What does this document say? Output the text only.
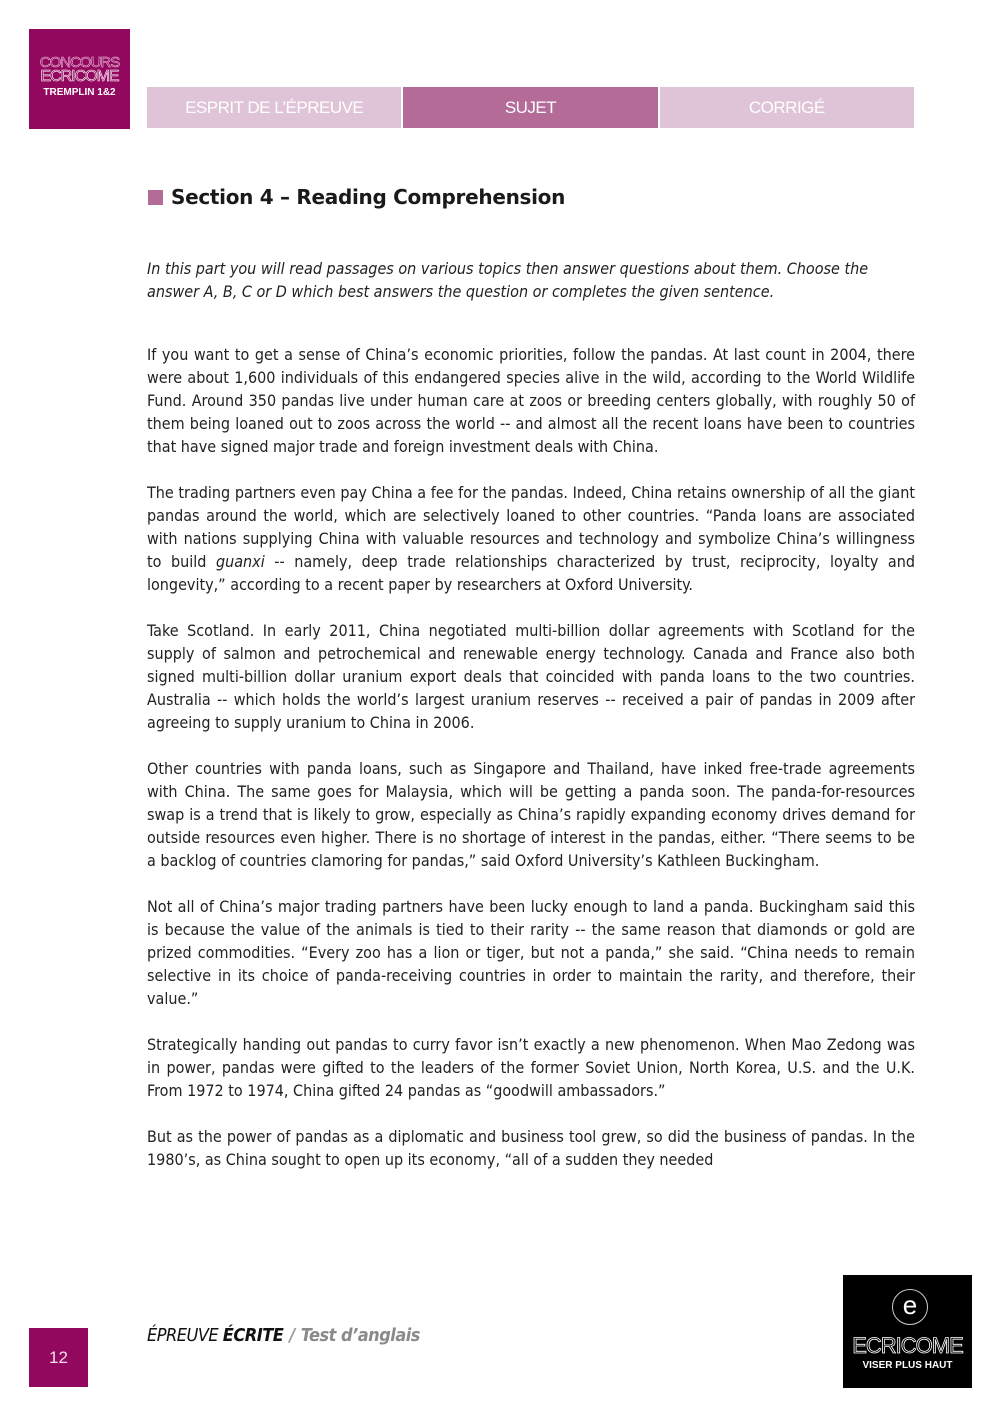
CONCOURS
ECRICOME
TREMPLIN 1&2
ESPRIT DE L’ÉPREUVE	SUJET	CORRIGÉ
Section 4 – Reading Comprehension

In this part you will read passages on various topics then answer questions about them. Choose the answer A, B, C or D which best answers the question or completes the given sentence.

If you want to get a sense of China’s economic priorities, follow the pandas. At last count in 2004, there were about 1,600 individuals of this endangered species alive in the wild, according to the World Wildlife Fund. Around 350 pandas live under human care at zoos or breeding centers globally, with roughly 50 of them being loaned out to zoos across the world -- and almost all the recent loans have been to countries that have signed major trade and foreign investment deals with China.

The trading partners even pay China a fee for the pandas. Indeed, China retains ownership of all the giant pandas around the world, which are selectively loaned to other countries. “Panda loans are associated with nations supplying China with valuable resources and technology and symbolize China’s willingness to build guanxi -- namely, deep trade relationships characterized by trust, reciprocity, loyalty and longevity,” according to a recent paper by researchers at Oxford University.

Take Scotland. In early 2011, China negotiated multi-billion dollar agreements with Scotland for the supply of salmon and petrochemical and renewable energy technology. Canada and France also both signed multi-billion dollar uranium export deals that coincided with panda loans to the two countries. Australia -- which holds the world’s largest uranium reserves -- received a pair of pandas in 2009 after agreeing to supply uranium to China in 2006.

Other countries with panda loans, such as Singapore and Thailand, have inked free-trade agreements with China. The same goes for Malaysia, which will be getting a panda soon. The panda-for-resources swap is a trend that is likely to grow, especially as China’s rapidly expanding economy drives demand for outside resources even higher. There is no shortage of interest in the pandas, either. “There seems to be a backlog of countries clamoring for pandas,” said Oxford University’s Kathleen Buckingham.

Not all of China’s major trading partners have been lucky enough to land a panda. Buckingham said this is because the value of the animals is tied to their rarity -- the same reason that diamonds or gold are prized commodities. “Every zoo has a lion or tiger, but not a panda,” she said. “China needs to remain selective in its choice of panda-receiving countries in order to maintain the rarity, and therefore, their value.”

Strategically handing out pandas to curry favor isn’t exactly a new phenomenon. When Mao Zedong was in power, pandas were gifted to the leaders of the former Soviet Union, North Korea, U.S. and the U.K. From 1972 to 1974, China gifted 24 pandas as “goodwill ambassadors.”

But as the power of pandas as a diplomatic and business tool grew, so did the business of pandas. In the 1980’s, as China sought to open up its economy, “all of a sudden they needed

12
ÉPREUVE ÉCRITE / Test d’anglais
e
ECRICOME
VISER PLUS HAUT
